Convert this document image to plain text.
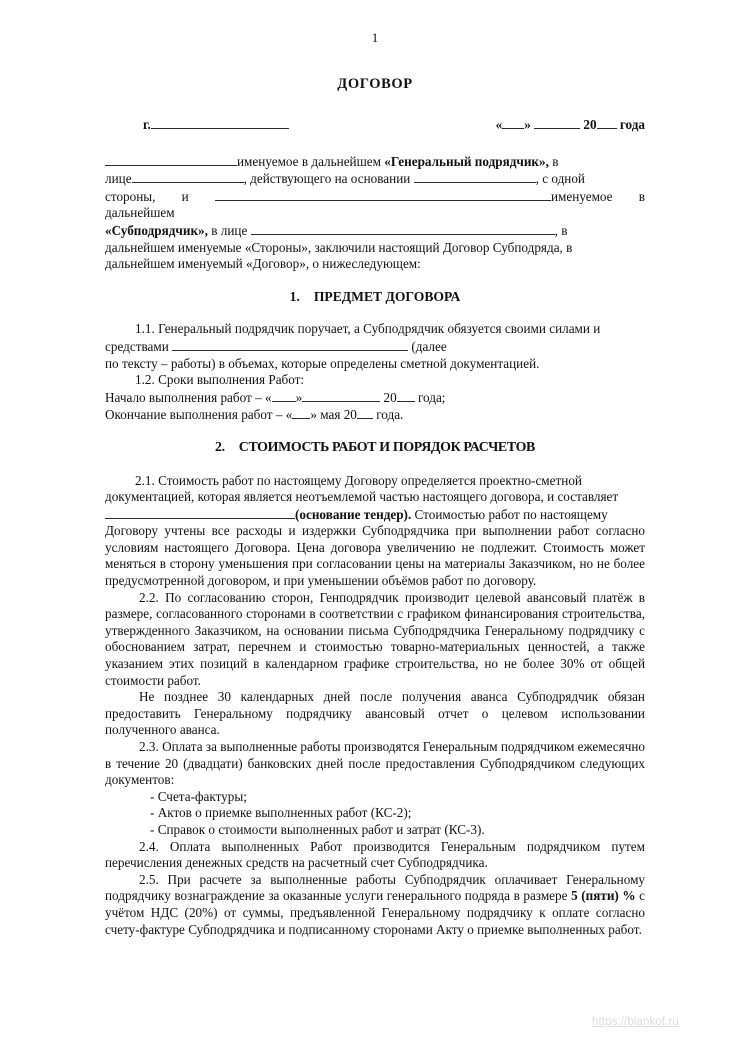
1
ДОГОВОР
г.	« »	20 года

именуемое в дальнейшем «Генеральный подрядчик», в

лице	, действующего на основании	, с одной

стороны, и	именуемое в дальнейшем

«Субподрядчик», в лице	, в

дальнейшем именуемые «Стороны», заключили настоящий Договор Субподряда, в

дальнейшем именуемый «Договор», о нижеследующем:

1. ПРЕДМЕТ ДОГОВОРА

1.1. Генеральный подрядчик поручает, а Субподрядчик обязуется своими силами и

средствами	(далее

по тексту – работы) в объемах, которые определены сметной документацией.

1.2. Сроки выполнения Работ:

Начало выполнения работ – « »	20 года;

Окончание выполнения работ – « » мая 20 года.

2. СТОИМОСТЬ РАБОТ И ПОРЯДОК РАСЧЕТОВ

2.1. Стоимость работ по настоящему Договору определяется проектно-сметной

документацией, которая является неотъемлемой частью настоящего договора, и составляет

(основание тендер). Стоимостью работ по настоящему

Договору учтены все расходы и издержки Субподрядчика при выполнении работ согласно условиям настоящего Договора. Цена договора увеличению не подлежит. Стоимость может меняться в сторону уменьшения при согласовании цены на материалы Заказчиком, но не более предусмотренной договором, и при уменьшении объёмов работ по договору.

2.2. По согласованию сторон, Генподрядчик производит целевой авансовый платёж в размере, согласованного сторонами в соответствии с графиком финансирования строительства, утвержденного Заказчиком, на основании письма Субподрядчика Генеральному подрядчику с обоснованием затрат, перечнем и стоимостью товарно-материальных ценностей, а также указанием этих позиций в календарном графике строительства, но не более 30% от общей стоимости работ.

Не позднее 30 календарных дней после получения аванса Субподрядчик обязан предоставить Генеральному подрядчику авансовый отчет о целевом использовании полученного аванса.

2.3. Оплата за выполненные работы производятся Генеральным подрядчиком ежемесячно в течение 20 (двадцати) банковских дней после предоставления Субподрядчиком следующих документов:

- Счета-фактуры;
- Актов о приемке выполненных работ (КС-2);
- Справок о стоимости выполненных работ и затрат (КС-3).

2.4. Оплата выполненных Работ производится Генеральным подрядчиком путем перечисления денежных средств на расчетный счет Субподрядчика.

2.5. При расчете за выполненные работы Субподрядчик оплачивает Генеральному подрядчику вознаграждение за оказанные услуги генерального подряда в размере 5 (пяти) % с учётом НДС (20%) от суммы, предъявленной Генеральному подрядчику к оплате согласно счету-фактуре Субподрядчика и подписанному сторонами Акту о приемке выполненных работ.

https://blankof.ru
